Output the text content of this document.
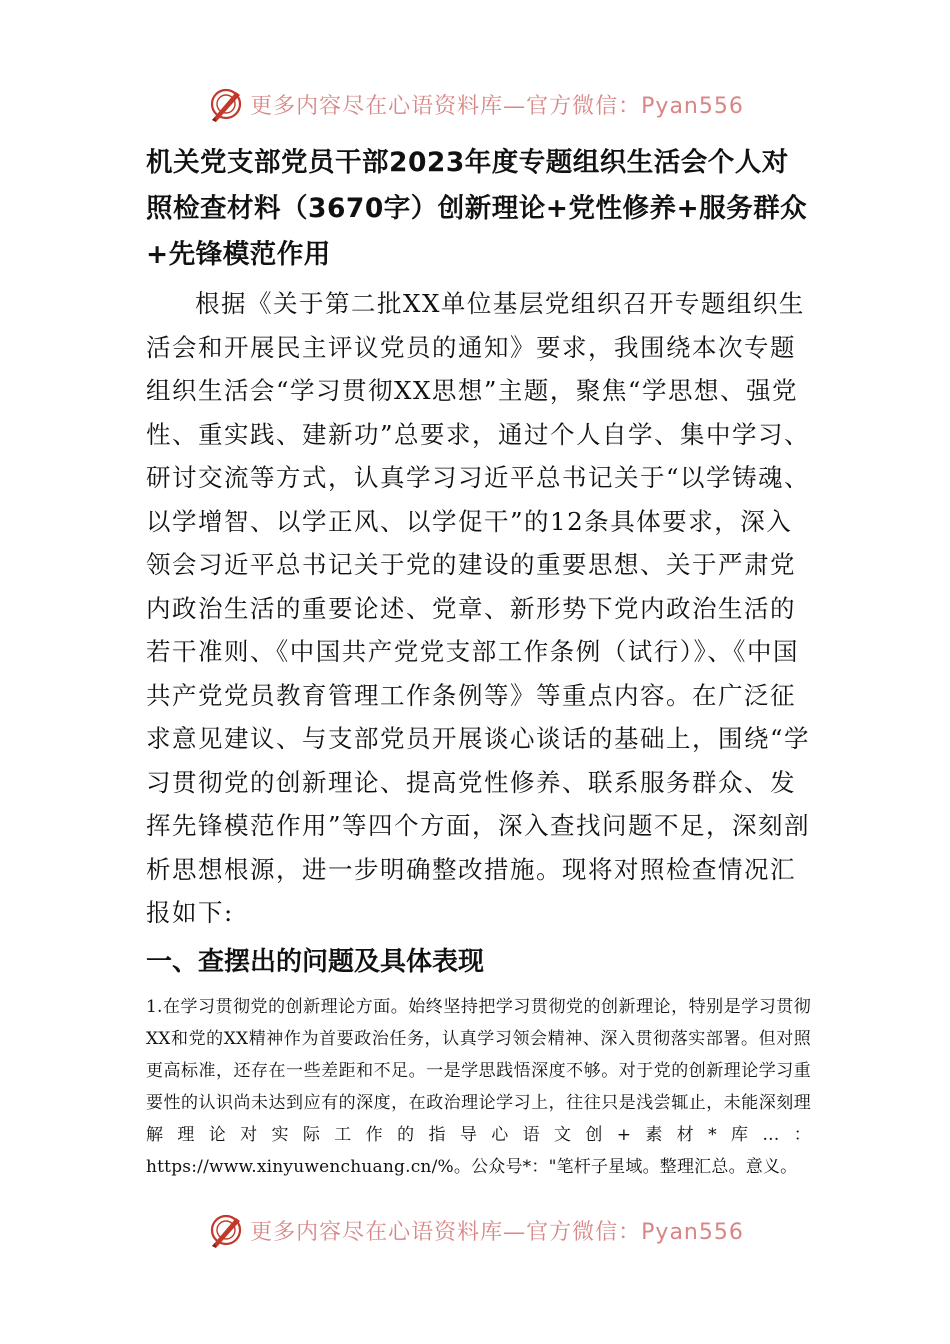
更多内容尽在心语资料库—官方微信：Pyan556
机关党支部党员干部2023年度专题组织生活会个人对照检查材料（3670字）创新理论+党性修养+服务群众+先锋模范作用

根据《关于第二批XX单位基层党组织召开专题组织生活会和开展民主评议党员的通知》要求，我围绕本次专题组织生活会“学习贯彻XX思想”主题，聚焦“学思想、强党性、重实践、建新功”总要求，通过个人自学、集中学习、研讨交流等方式，认真学习习近平总书记关于“以学铸魂、以学增智、以学正风、以学促干”的12条具体要求，深入领会习近平总书记关于党的建设的重要思想、关于严肃党内政治生活的重要论述、党章、新形势下党内政治生活的若干准则、《中国共产党党支部工作条例（试行）》、《中国共产党党员教育管理工作条例等》等重点内容。在广泛征求意见建议、与支部党员开展谈心谈话的基础上，围绕“学习贯彻党的创新理论、提高党性修养、联系服务群众、发挥先锋模范作用”等四个方面，深入查找问题不足，深刻剖析思想根源，进一步明确整改措施。现将对照检查情况汇报如下:

一、查摆出的问题及具体表现

1.在学习贯彻党的创新理论方面。始终坚持把学习贯彻党的创新理论，特别是学习贯彻XX和党的XX精神作为首要政治任务，认真学习领会精神、深入贯彻落实部署。但对照更高标准，还存在一些差距和不足。一是学思践悟深度不够。对于党的创新理论学习重要性的认识尚未达到应有的深度，在政治理论学习上，往往只是浅尝辄止，未能深刻理解理论对实际工作的指导心语文创+素材*库…：https://www.xinyuwenchuang.cn/%。公众号*："笔杆子星域。整理汇总。意义。

更多内容尽在心语资料库—官方微信：Pyan556
